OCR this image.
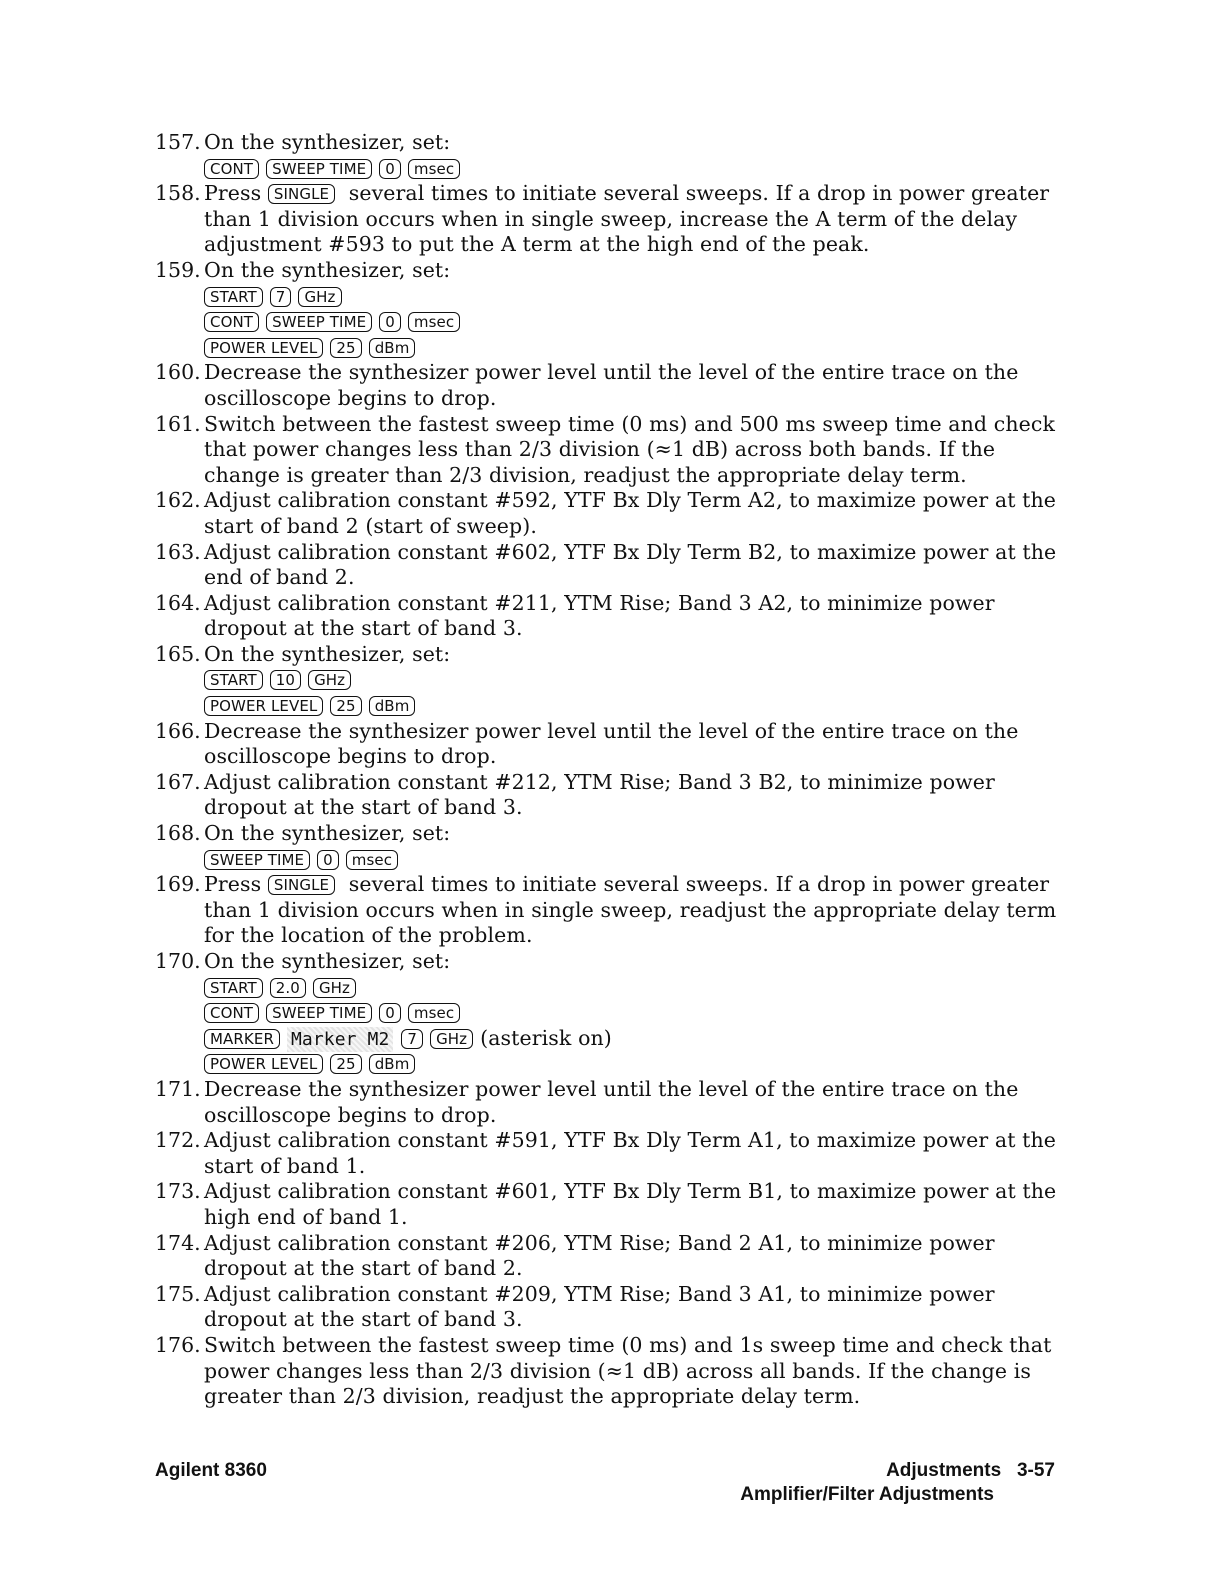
157. On the synthesizer, set:
CONT SWEEP TIME 0 msec
158. Press SINGLE several times to initiate several sweeps. If a drop in power greater than 1 division occurs when in single sweep, increase the A term of the delay adjustment #593 to put the A term at the high end of the peak.
159. On the synthesizer, set:
START 7 GHz
CONT SWEEP TIME 0 msec
POWER LEVEL 25 dBm
160. Decrease the synthesizer power level until the level of the entire trace on the oscilloscope begins to drop.
161. Switch between the fastest sweep time (0 ms) and 500 ms sweep time and check that power changes less than 2/3 division (≈1 dB) across both bands. If the change is greater than 2/3 division, readjust the appropriate delay term.
162. Adjust calibration constant #592, YTF Bx Dly Term A2, to maximize power at the start of band 2 (start of sweep).
163. Adjust calibration constant #602, YTF Bx Dly Term B2, to maximize power at the end of band 2.
164. Adjust calibration constant #211, YTM Rise; Band 3 A2, to minimize power dropout at the start of band 3.
165. On the synthesizer, set:
START 10 GHz
POWER LEVEL 25 dBm
166. Decrease the synthesizer power level until the level of the entire trace on the oscilloscope begins to drop.
167. Adjust calibration constant #212, YTM Rise; Band 3 B2, to minimize power dropout at the start of band 3.
168. On the synthesizer, set:
SWEEP TIME 0 msec
169. Press SINGLE several times to initiate several sweeps. If a drop in power greater than 1 division occurs when in single sweep, readjust the appropriate delay term for the location of the problem.
170. On the synthesizer, set:
START 2.0 GHz
CONT SWEEP TIME 0 msec
MARKER Marker M2 7 GHz (asterisk on)
POWER LEVEL 25 dBm
171. Decrease the synthesizer power level until the level of the entire trace on the oscilloscope begins to drop.
172. Adjust calibration constant #591, YTF Bx Dly Term A1, to maximize power at the start of band 1.
173. Adjust calibration constant #601, YTF Bx Dly Term B1, to maximize power at the high end of band 1.
174. Adjust calibration constant #206, YTM Rise; Band 2 A1, to minimize power dropout at the start of band 2.
175. Adjust calibration constant #209, YTM Rise; Band 3 A1, to minimize power dropout at the start of band 3.
176. Switch between the fastest sweep time (0 ms) and 1s sweep time and check that power changes less than 2/3 division (≈1 dB) across all bands. If the change is greater than 2/3 division, readjust the appropriate delay term.
Agilent 8360	Adjustments   3-57
Amplifier/Filter Adjustments
